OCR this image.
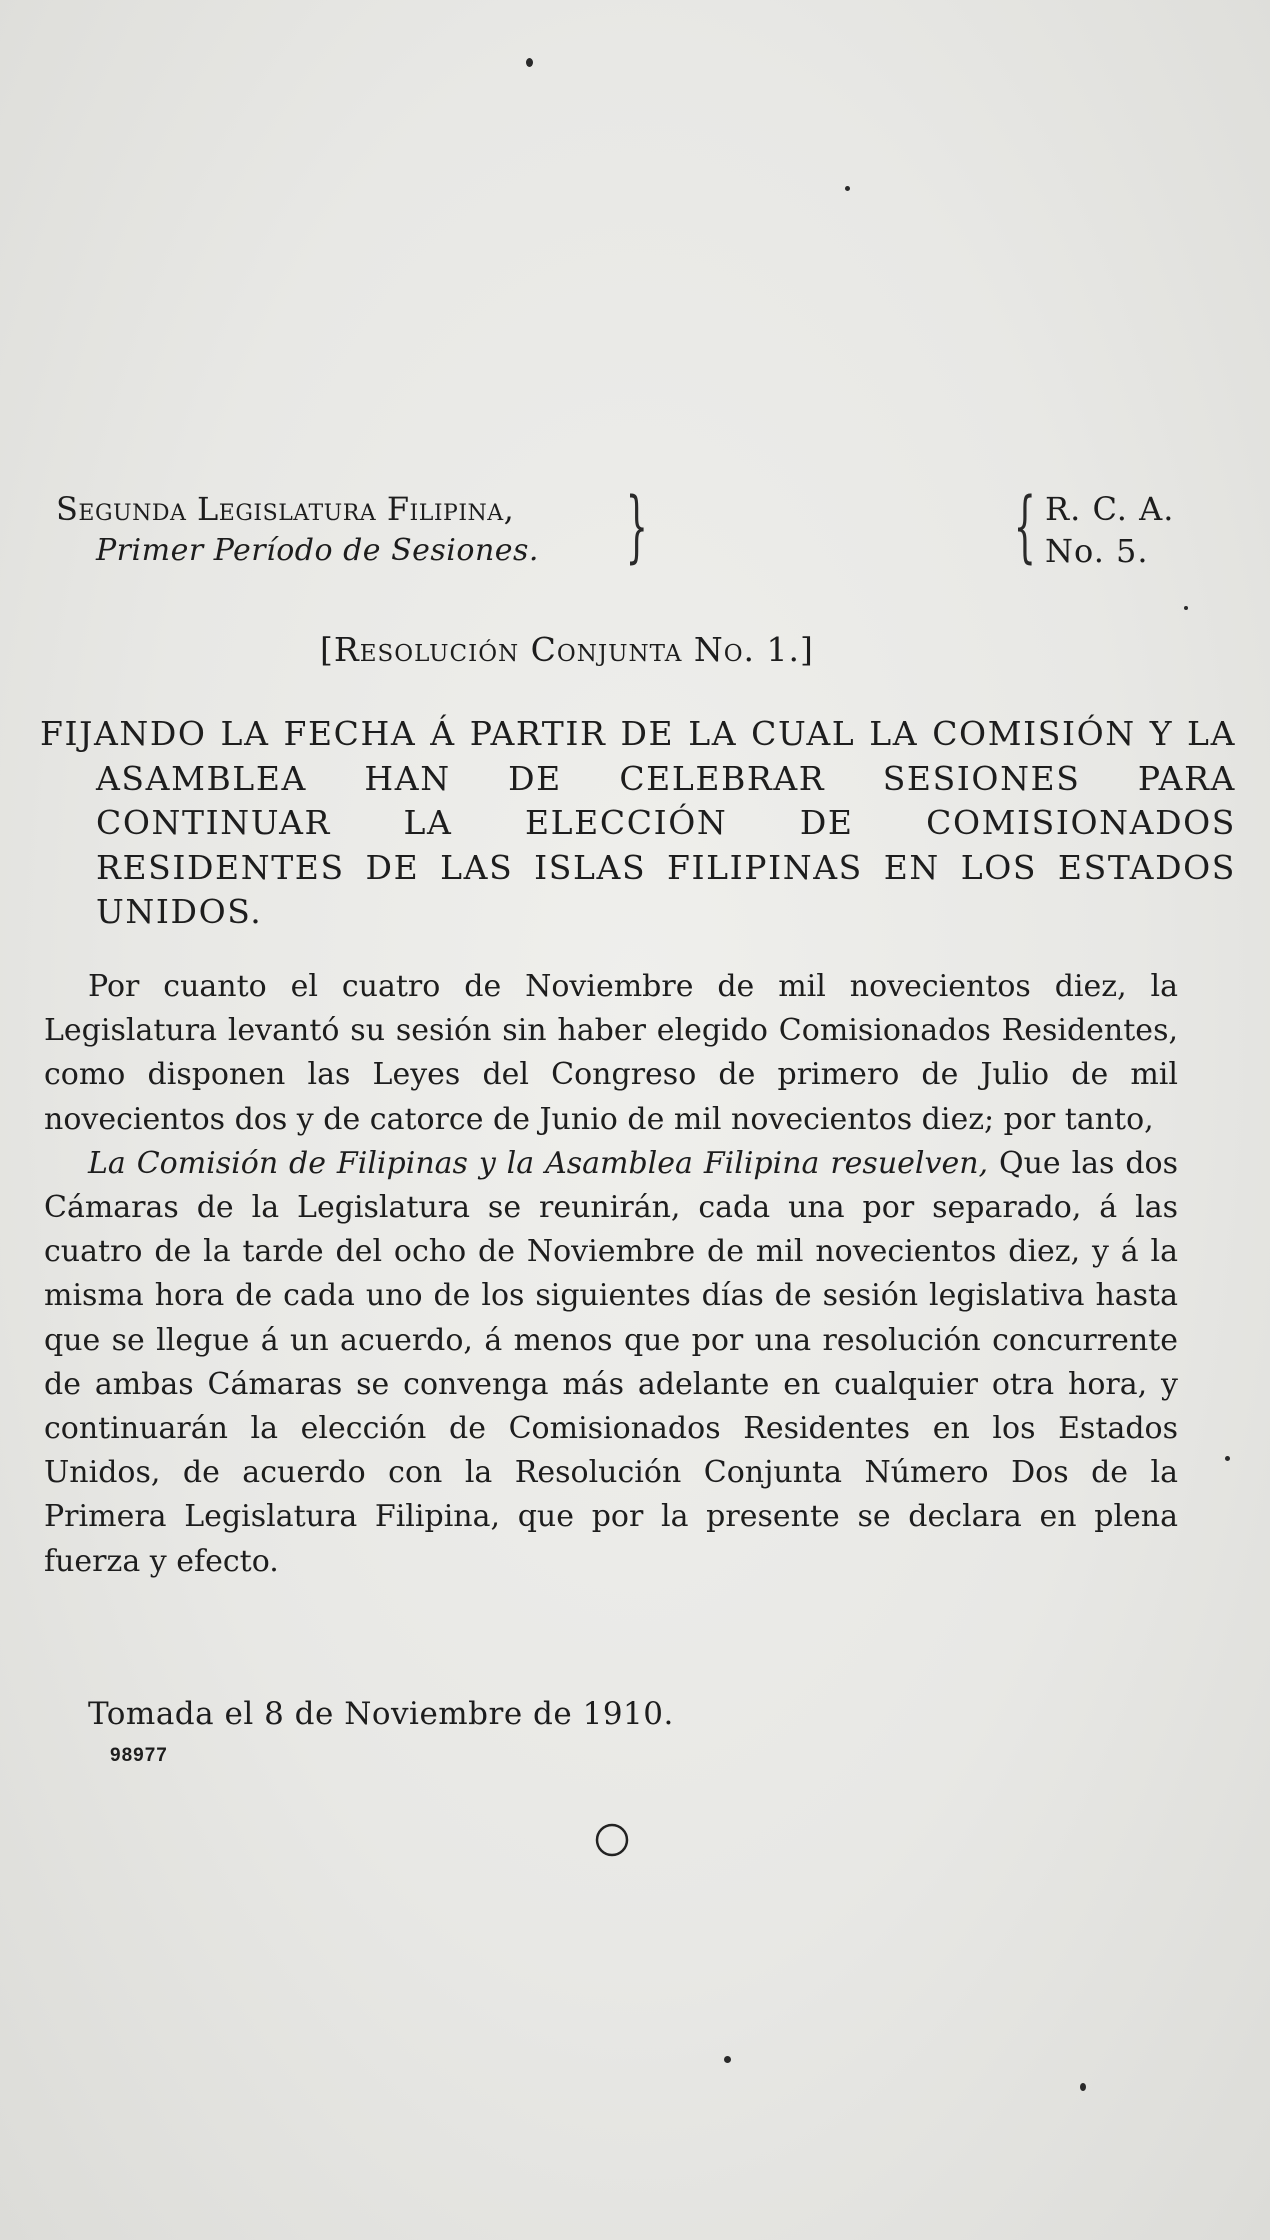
Segunda Legislatura Filipina,
Primer Período de Sesiones. }	{ R. C. A.
No. 5.
[Resolución Conjunta No. 1.]
FIJANDO LA FECHA Á PARTIR DE LA CUAL LA COMISIÓN Y LA ASAMBLEA HAN DE CELEBRAR SESIONES PARA CONTINUAR LA ELECCIÓN DE COMISIONADOS RESIDENTES DE LAS ISLAS FILIPINAS EN LOS ESTADOS UNIDOS.

Por cuanto el cuatro de Noviembre de mil novecientos diez, la Legislatura levantó su sesión sin haber elegido Comisionados Residentes, como disponen las Leyes del Congreso de primero de Julio de mil novecientos dos y de catorce de Junio de mil novecientos diez; por tanto,

La Comisión de Filipinas y la Asamblea Filipina resuelven, Que las dos Cámaras de la Legislatura se reunirán, cada una por separado, á las cuatro de la tarde del ocho de Noviembre de mil novecientos diez, y á la misma hora de cada uno de los siguientes días de sesión legislativa hasta que se llegue á un acuerdo, á menos que por una resolución concurrente de ambas Cámaras se convenga más adelante en cualquier otra hora, y continuarán la elección de Comisionados Residentes en los Estados Unidos, de acuerdo con la Resolución Conjunta Número Dos de la Primera Legislatura Filipina, que por la presente se declara en plena fuerza y efecto.

Tomada el 8 de Noviembre de 1910.
98977
